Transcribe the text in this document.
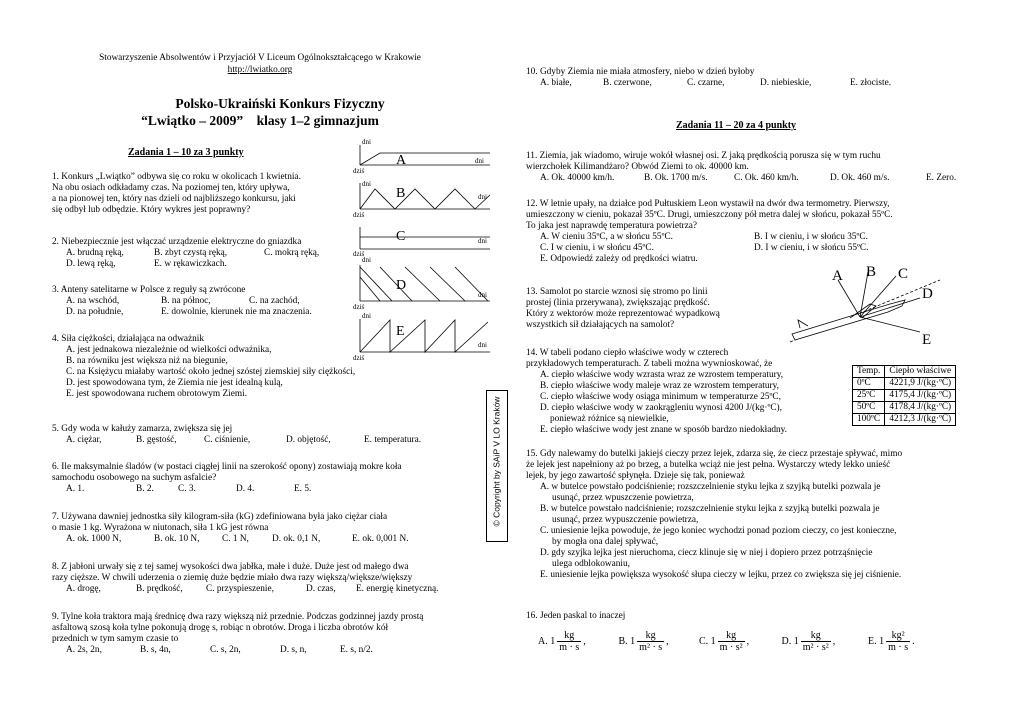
Stowarzyszenie Absolwentów i Przyjaciół V Liceum Ogólnokształcącego w Krakowie
http://lwiatko.org
Polsko-Ukraiński Konkurs Fizyczny
“Lwiątko – 2009”    klasy 1–2 gimnazjum
Zadania 1 – 10 za 3 punkty
1. Konkurs „Lwiątko” odbywa się co roku w okolicach 1 kwietnia.
Na obu osiach odkładamy czas. Na poziomej ten, który upływa,
a na pionowej ten, który nas dzieli od najbliższego konkursu, jaki
się odbył lub odbędzie. Który wykres jest poprawny?
dni
dziś
dni
dni
dziś
dni
dziś
dni
dni
dziś
dni
dni
dziś
dni
A
B
C
D
E
2. Niebezpiecznie jest włączać urządzenie elektryczne do gniazdka
A. brudną ręką,	B. zbyt czystą ręką,	C. mokrą ręką,
D. lewą ręką,	E. w rękawiczkach.
3. Anteny satelitarne w Polsce z reguły są zwrócone
A. na wschód,	B. na północ,	C. na zachód,
D. na południe,	E. dowolnie, kierunek nie ma znaczenia.
4. Siła ciężkości, działająca na odważnik
A. jest jednakowa niezależnie od wielkości odważnika,
B. na równiku jest większa niż na biegunie,
C. na Księżycu miałaby wartość około jednej szóstej ziemskiej siły ciężkości,
D. jest spowodowana tym, że Ziemia nie jest idealną kulą,
E. jest spowodowana ruchem obrotowym Ziemi.
5. Gdy woda w kałuży zamarza, zwiększa się jej
A. ciężar,	B. gęstość,	C. ciśnienie,	D. objętość,	E. temperatura.
6. Ile maksymalnie śladów (w postaci ciągłej linii na szerokość opony) zostawiają mokre koła
samochodu osobowego na suchym asfalcie?
A. 1.	B. 2.	C. 3.	D. 4.	E. 5.
7. Używana dawniej jednostka siły kilogram-siła (kG) zdefiniowana była jako ciężar ciała
o masie 1 kg. Wyrażona w niutonach, siła 1 kG jest równa
A. ok. 1000 N,	B. ok. 10 N, C. 1 N, D. ok. 0,1 N,	E. ok. 0,001 N.
8. Z jabłoni urwały się z tej samej wysokości dwa jabłka, małe i duże. Duże jest od małego dwa
razy cięższe. W chwili uderzenia o ziemię duże będzie miało dwa razy większą/większe/większy
A. drogę,	B. prędkość,	C. przyspieszenie,	D. czas, E. energię kinetyczną.
9. Tylne koła traktora mają średnicę dwa razy większą niż przednie. Podczas godzinnej jazdy prostą
asfaltową szosą koła tylne pokonują drogę s, robiąc n obrotów. Droga i liczba obrotów kół
przednich w tym samym czasie to
A. 2s, 2n,	B. s, 4n,	C. s, 2n,	D. s, n,	E. s, n/2.
© Copyright by SAiP V LO Kraków
10. Gdyby Ziemia nie miała atmosfery, niebo w dzień byłoby
A. białe,	B. czerwone,	C. czarne,	D. niebieskie,	E. złociste.
Zadania 11 – 20 za 4 punkty
11. Ziemia, jak wiadomo, wiruje wokół własnej osi. Z jaką prędkością porusza się w tym ruchu
wierzchołek Kilimandżaro? Obwód Ziemi to ok. 40000 km.
A. Ok. 40000 km/h.	B. Ok. 1700 m/s.	C. Ok. 460 km/h.	D. Ok. 460 m/s.	E. Zero.
12. W letnie upały, na działce pod Pułtuskiem Leon wystawił na dwór dwa termometry. Pierwszy,
umieszczony w cieniu, pokazał 35ºC. Drugi, umieszczony pół metra dalej w słońcu, pokazał 55ºC.
To jaka jest naprawdę temperatura powietrza?
A. W cieniu 35ºC, a w słońcu 55ºC.	B. I w cieniu, i w słońcu 35ºC.
C. I w cieniu, i w słońcu 45ºC.	D. I w cieniu, i w słońcu 55ºC.
E. Odpowiedź zależy od prędkości wiatru.
13. Samolot po starcie wznosi się stromo po linii
prostej (linia przerywana), zwiększając prędkość.
Który z wektorów może reprezentować wypadkową
wszystkich sił działających na samolot?
A B C
D
E
14. W tabeli podano ciepło właściwe wody w czterech
przykładowych temperaturach. Z tabeli można wywnioskować, że
A. ciepło właściwe wody wzrasta wraz ze wzrostem temperatury,
B. ciepło właściwe wody maleje wraz ze wzrostem temperatury,
C. ciepło właściwe wody osiąga minimum w temperaturze 25ºC,
D. ciepło właściwe wody w zaokrągleniu wynosi 4200 J/(kg·ºC),
ponieważ różnice są niewielkie,
E. ciepło właściwe wody jest znane w sposób bardzo niedokładny.
Temp.	Ciepło właściwe
0ºC	4221,9 J/(kg·ºC)
25ºC	4175,4 J/(kg·ºC)
50ºC	4178,4 J/(kg·ºC)
100ºC	4212,3 J/(kg·ºC)
15. Gdy nalewamy do butelki jakiejś cieczy przez lejek, zdarza się, że ciecz przestaje spływać, mimo
że lejek jest napełniony aż po brzeg, a butelka wciąż nie jest pełna. Wystarczy wtedy lekko unieść
lejek, by jego zawartość spłynęła. Dzieje się tak, ponieważ
A. w butelce powstało podciśnienie; rozszczelnienie styku lejka z szyjką butelki pozwala je
usunąć, przez wpuszczenie powietrza,
B. w butelce powstało nadciśnienie; rozszczelnienie styku lejka z szyjką butelki pozwala je
usunąć, przez wypuszczenie powietrza,
C. uniesienie lejka powoduje, że jego koniec wychodzi ponad poziom cieczy, co jest konieczne,
by mogła ona dalej spływać,
D. gdy szyjka lejka jest nieruchoma, ciecz klinuje się w niej i dopiero przez potrząśnięcie
ulega odblokowaniu,
E. uniesienie lejka powiększa wysokość słupa cieczy w lejku, przez co zwiększa się jej ciśnienie.
16. Jeden paskal to inaczej
A. $1 \frac{kg}{m \cdot s}$ ,	B. $1 \frac{kg}{\text{m² · s}}$ ,	C. $1 \frac{kg}{\text{m · s²}}$ ,	D. $1 \frac{kg}{\text{m² · s²}}$ ,	E. $1 \frac{\text{kg²}}{m \cdot s}$ .
